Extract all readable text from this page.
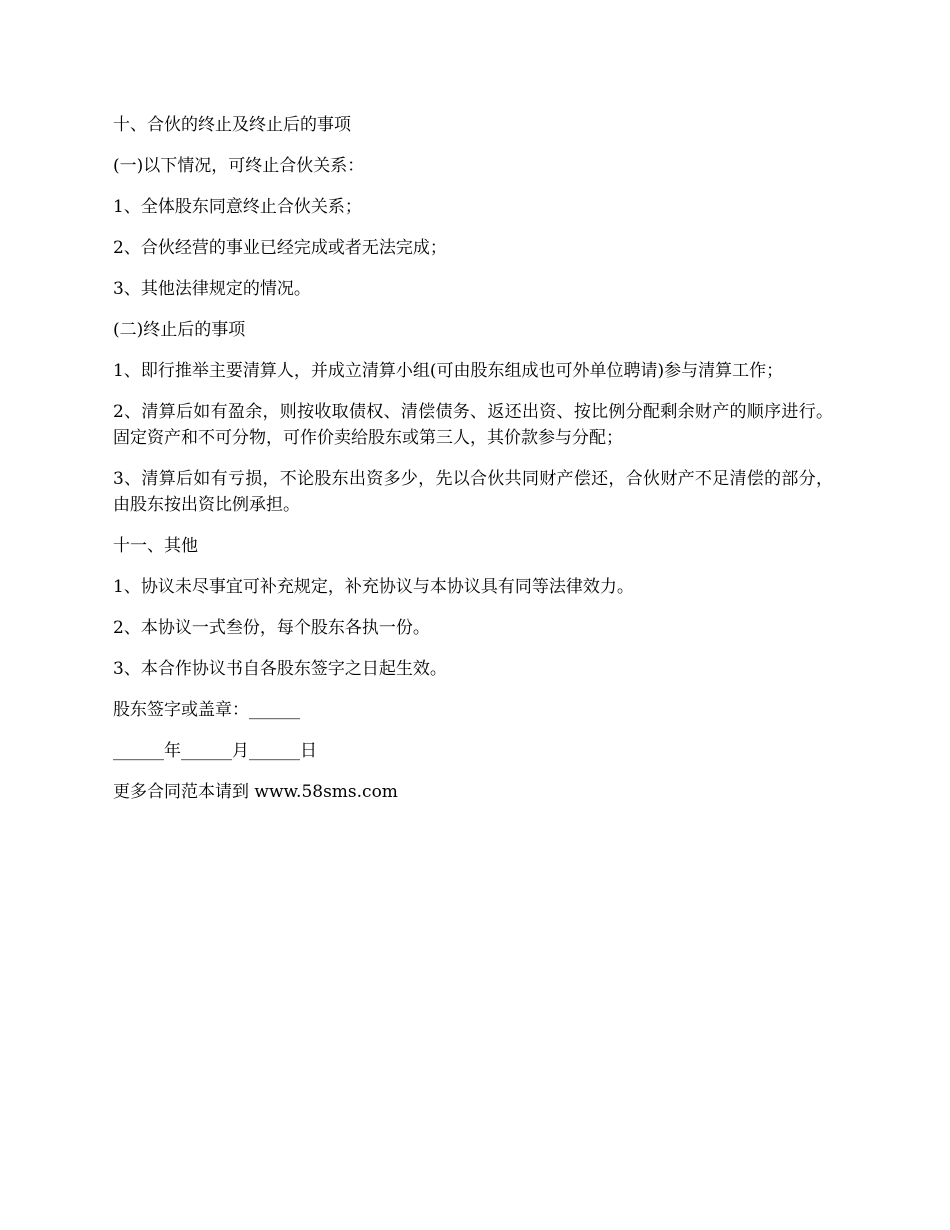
十、合伙的终止及终止后的事项

(一)以下情况，可终止合伙关系：

1、全体股东同意终止合伙关系；

2、合伙经营的事业已经完成或者无法完成；

3、其他法律规定的情况。

(二)终止后的事项

1、即行推举主要清算人，并成立清算小组(可由股东组成也可外单位聘请)参与清算工作；

2、清算后如有盈余，则按收取债权、清偿债务、返还出资、按比例分配剩余财产的顺序进行。固定资产和不可分物，可作价卖给股东或第三人，其价款参与分配；

3、清算后如有亏损，不论股东出资多少，先以合伙共同财产偿还，合伙财产不足清偿的部分，由股东按出资比例承担。

十一、其他

1、协议未尽事宜可补充规定，补充协议与本协议具有同等法律效力。

2、本协议一式叁份，每个股东各执一份。

3、本合作协议书自各股东签字之日起生效。

股东签字或盖章：______

______年______月______日

更多合同范本请到 www.58sms.com
